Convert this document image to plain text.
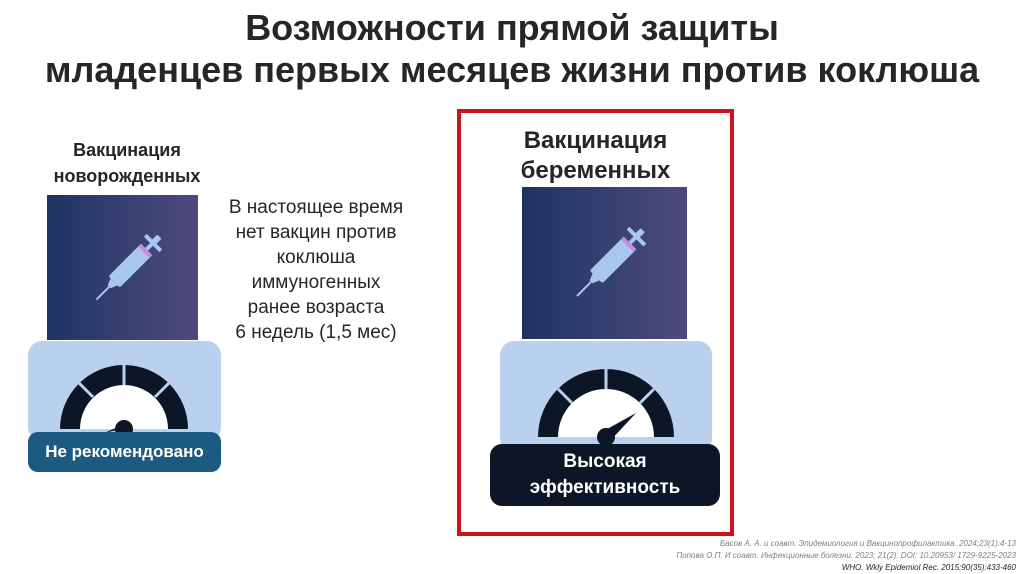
Возможности прямой защиты
младенцев первых месяцев жизни против коклюша
Вакцинация
новорожденных
Не рекомендовано
В настоящее время
нет вакцин против
коклюша
иммуногенных
ранее возраста
6 недель (1,5 мес)
Вакцинация
беременных
Высокая
эффективность
Басов А. А. и соавт. Эпидемиология и Вакцинопрофилактика. 2024;23(1):4-13
Попова О.П. И соавт. Инфекционные болезни. 2023; 21(2): DOI: 10.20953/ 1729-9225-2023
WHO. Wkly Epidemiol Rec. 2015;90(35):433-460
